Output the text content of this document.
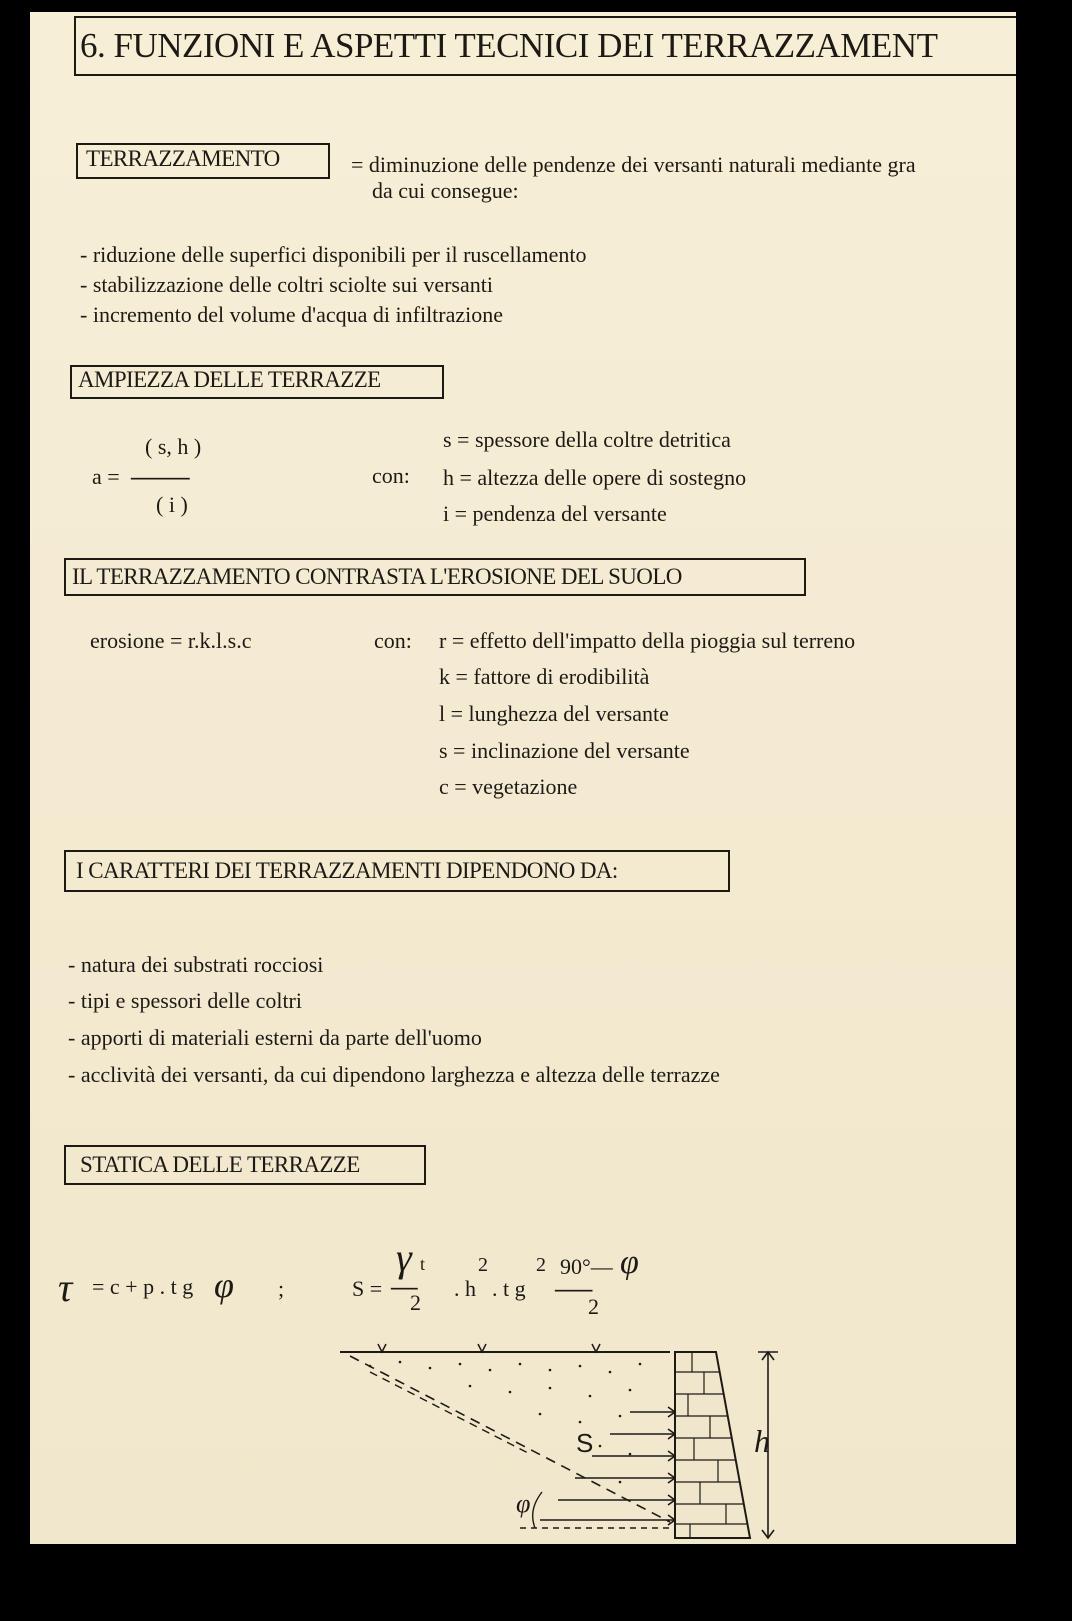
6. FUNZIONI E ASPETTI TECNICI DEI TERRAZZAMENT
TERRAZZAMENTO	= diminuzione delle pendenze dei versanti naturali mediante gra
da cui consegue:
- riduzione delle superfici disponibili per il ruscellamento
- stabilizzazione delle coltri sciolte sui versanti
- incremento del volume d'acqua di infiltrazione
AMPIEZZA DELLE TERRAZZE
( s, h )
a = -----------
( i )
con:
s = spessore della coltre detritica
h = altezza delle opere di sostegno
i = pendenza del versante
IL TERRAZZAMENTO CONTRASTA L'EROSIONE DEL SUOLO
erosione = r.k.l.s.c	con: r = effetto dell'impatto della pioggia sul terreno
k = fattore di erodibilità
l = lunghezza del versante
s = inclinazione del versante
c = vegetazione
I CARATTERI DEI TERRAZZAMENTI DIPENDONO DA:
- natura dei substrati rocciosi
- tipi e spessori delle coltri
- apporti di materiali esterni da parte dell'uomo
- acclività dei versanti, da cui dipendono larghezza e altezza delle terrazze
STATICA DELLE TERRAZZE
τ = c + p . t g φ ;	S =
γ t
-----
2
. h
2
. t g
2 90°— φ
-------
2
S	h
φ
